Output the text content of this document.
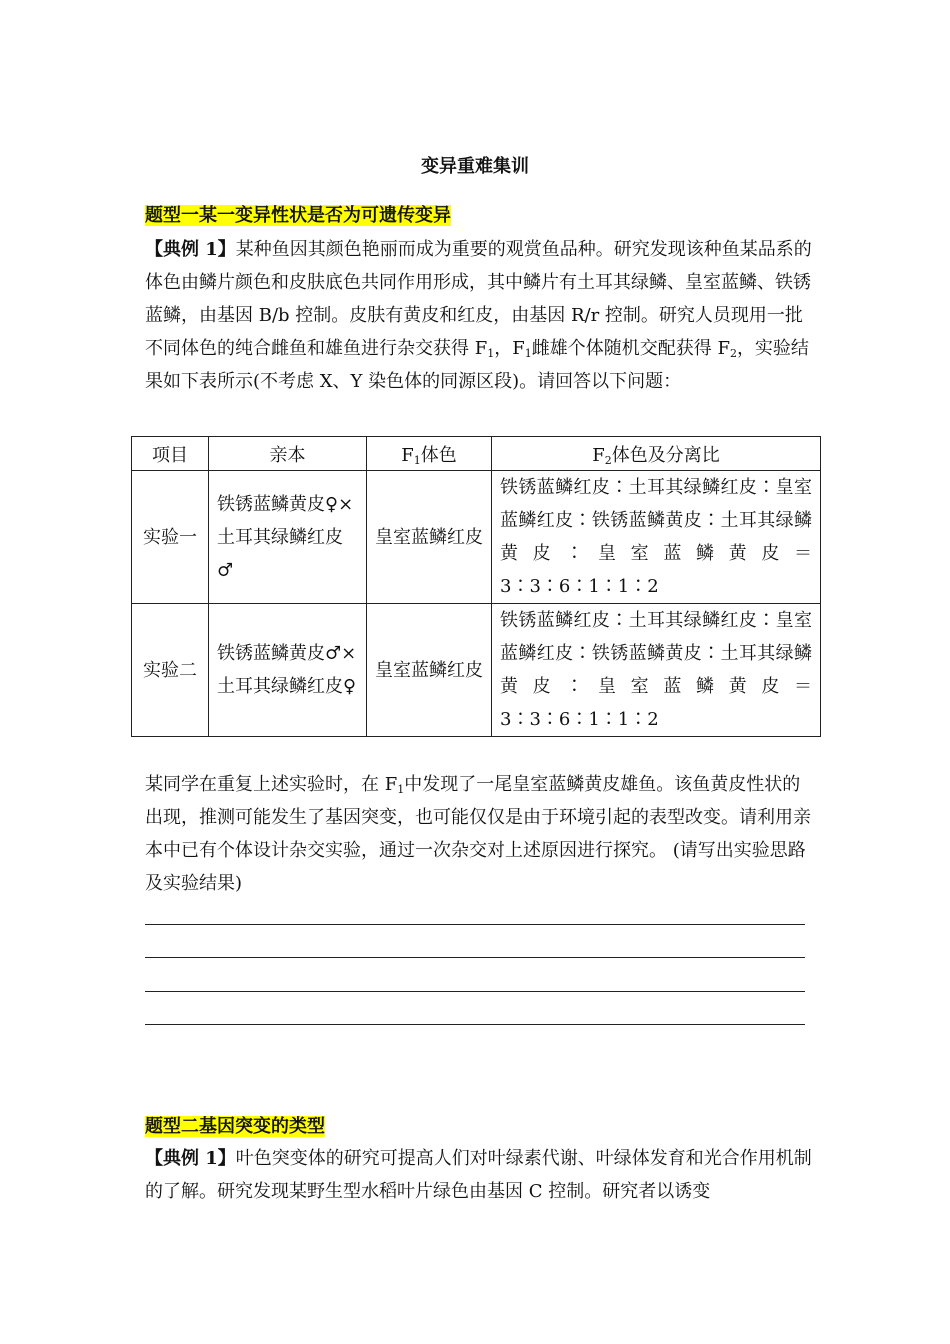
变异重难集训
题型一某一变异性状是否为可遗传变异
【典例 1】某种鱼因其颜色艳丽而成为重要的观赏鱼品种。研究发现该种鱼某品系的体色由鳞片颜色和皮肤底色共同作用形成，其中鳞片有土耳其绿鳞、皇室蓝鳞、铁锈蓝鳞，由基因 B/b 控制。皮肤有黄皮和红皮，由基因 R/r 控制。研究人员现用一批不同体色的纯合雌鱼和雄鱼进行杂交获得 $F_1$，$F_1$雌雄个体随机交配获得 $F_2$，实验结果如下表所示(不考虑 X、Y 染色体的同源区段)。请回答以下问题：
项目	亲本	$F_1$体色	$F_2$体色及分离比

实验一	铁锈蓝鳞黄皮♀×土耳其绿鳞红皮♂	皇室蓝鳞红皮	铁锈蓝鳞红皮∶土耳其绿鳞红皮∶皇室蓝鳞红皮∶铁锈蓝鳞黄皮∶土耳其绿鳞黄皮∶皇室蓝鳞黄皮＝3∶3∶6∶1∶1∶2

实验二	铁锈蓝鳞黄皮♂×土耳其绿鳞红皮♀	皇室蓝鳞红皮	铁锈蓝鳞红皮∶土耳其绿鳞红皮∶皇室蓝鳞红皮∶铁锈蓝鳞黄皮∶土耳其绿鳞黄皮∶皇室蓝鳞黄皮＝3∶3∶6∶1∶1∶2
某同学在重复上述实验时，在 $F_1$中发现了一尾皇室蓝鳞黄皮雄鱼。该鱼黄皮性状的出现，推测可能发生了基因突变，也可能仅仅是由于环境引起的表型改变。请利用亲本中已有个体设计杂交实验，通过一次杂交对上述原因进行探究。 (请写出实验思路及实验结果)
题型二基因突变的类型
【典例 1】叶色突变体的研究可提高人们对叶绿素代谢、叶绿体发育和光合作用机制的了解。研究发现某野生型水稻叶片绿色由基因 C 控制。研究者以诱变
